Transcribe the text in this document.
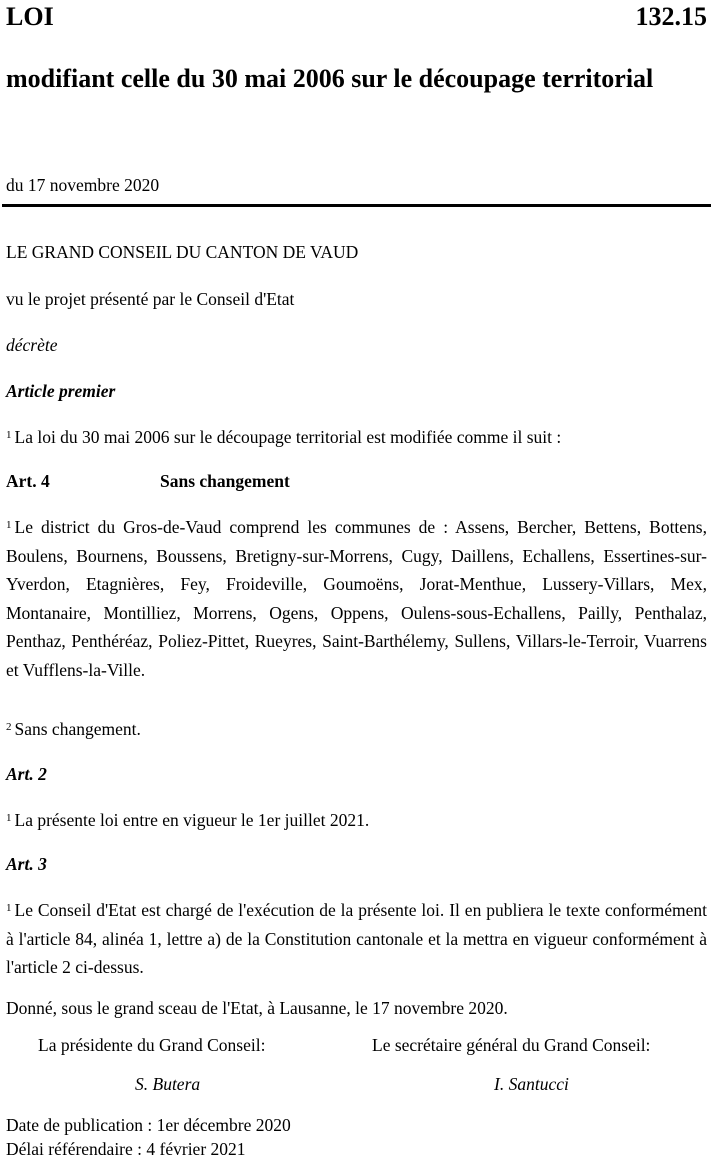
LOI	132.15
modifiant celle du 30 mai 2006 sur le découpage territorial
du 17 novembre 2020
LE GRAND CONSEIL DU CANTON DE VAUD
vu le projet présenté par le Conseil d'Etat
décrète
Article premier
$^1$ La loi du 30 mai 2006 sur le découpage territorial est modifiée comme il suit :
Art. 4	Sans changement
$^1$ Le district du Gros-de-Vaud comprend les communes de : Assens, Bercher, Bettens, Bottens, Boulens, Bournens, Boussens, Bretigny-sur-Morrens, Cugy, Daillens, Echallens, Essertines-sur-Yverdon, Etagnières, Fey, Froideville, Goumoëns, Jorat-Menthue, Lussery-Villars, Mex, Montanaire, Montilliez, Morrens, Ogens, Oppens, Oulens-sous-Echallens, Pailly, Penthalaz, Penthaz, Penthéréaz, Poliez-Pittet, Rueyres, Saint-Barthélemy, Sullens, Villars-le-Terroir, Vuarrens et Vufflens-la-Ville.
$^2$ Sans changement.
Art. 2
$^1$ La présente loi entre en vigueur le 1er juillet 2021.
Art. 3
$^1$ Le Conseil d'Etat est chargé de l'exécution de la présente loi. Il en publiera le texte conformément à l'article 84, alinéa 1, lettre a) de la Constitution cantonale et la mettra en vigueur conformément à l'article 2 ci-dessus.
Donné, sous le grand sceau de l'Etat, à Lausanne, le 17 novembre 2020.
La présidente du Grand Conseil:	Le secrétaire général du Grand Conseil:
S. Butera	I. Santucci
Date de publication : 1er décembre 2020
Délai référendaire : 4 février 2021
